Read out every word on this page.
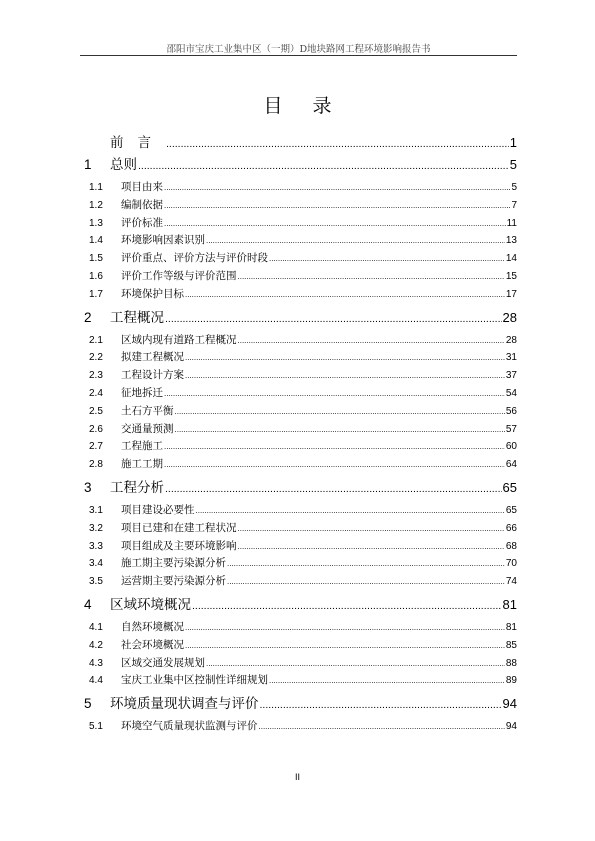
邵阳市宝庆工业集中区（一期）D地块路网工程环境影响报告书
目录
前言 .....	1
1	总则 .....	5
1.1	项目由来 .....	5
1.2	编制依据 .....	7
1.3	评价标准 .....	11
1.4	环境影响因素识别 .....	13
1.5	评价重点、评价方法与评价时段 .....	14
1.6	评价工作等级与评价范围 .....	15
1.7	环境保护目标 .....	17
2	工程概况 .....	28
2.1	区域内现有道路工程概况 .....	28
2.2	拟建工程概况 .....	31
2.3	工程设计方案 .....	37
2.4	征地拆迁 .....	54
2.5	土石方平衡 .....	56
2.6	交通量预测 .....	57
2.7	工程施工 .....	60
2.8	施工工期 .....	64
3	工程分析 .....	65
3.1	项目建设必要性 .....	65
3.2	项目已建和在建工程状况 .....	66
3.3	项目组成及主要环境影响 .....	68
3.4	施工期主要污染源分析 .....	70
3.5	运营期主要污染源分析 .....	74
4	区域环境概况 .....	81
4.1	自然环境概况 .....	81
4.2	社会环境概况 .....	85
4.3	区域交通发展规划 .....	88
4.4	宝庆工业集中区控制性详细规划 .....	89
5	环境质量现状调查与评价 .....	94
5.1	环境空气质量现状监测与评价 .....	94
II
